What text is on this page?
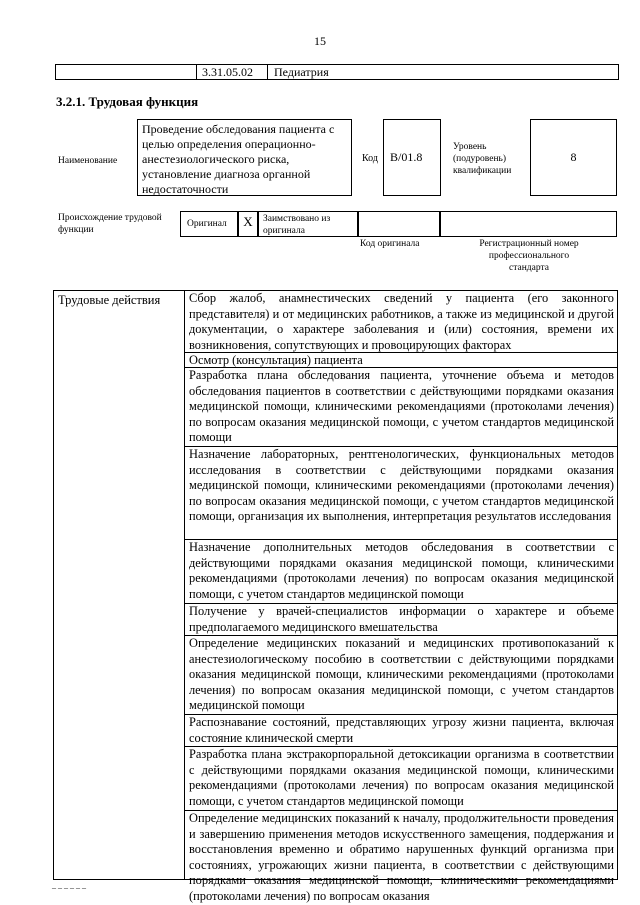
15
3.31.05.02	Педиатрия
3.2.1. Трудовая функция
Наименование
Проведение обследования пациента с целью определения операционно-анестезиологического риска, установление диагноза органной недостаточности
Код	В/01.8
Уровень (подуровень) квалификации
8
Происхождение трудовой функции
Оригинал	X	Заимствовано из оригинала
Код оригинала	Регистрационный номер профессионального стандарта
Трудовые действия	Сбор жалоб, анамнестических сведений у пациента (его законного представителя) и от медицинских работников, а также из медицинской и другой документации, о характере заболевания и (или) состояния, времени их возникновения, сопутствующих и провоцирующих факторах
Осмотр (консультация) пациента
Разработка плана обследования пациента, уточнение объема и методов обследования пациентов в соответствии с действующими порядками оказания медицинской помощи, клиническими рекомендациями (протоколами лечения) по вопросам оказания медицинской помощи, с учетом стандартов медицинской помощи
Назначение лабораторных, рентгенологических, функциональных методов исследования в соответствии с действующими порядками оказания медицинской помощи, клиническими рекомендациями (протоколами лечения) по вопросам оказания медицинской помощи, с учетом стандартов медицинской помощи, организация их выполнения, интерпретация результатов исследования
Назначение дополнительных методов обследования в соответствии с действующими порядками оказания медицинской помощи, клиническими рекомендациями (протоколами лечения) по вопросам оказания медицинской помощи, с учетом стандартов медицинской помощи
Получение у врачей-специалистов информации о характере и объеме предполагаемого медицинского вмешательства
Определение медицинских показаний и медицинских противопоказаний к анестезиологическому пособию в соответствии с действующими порядками оказания медицинской помощи, клиническими рекомендациями (протоколами лечения) по вопросам оказания медицинской помощи, с учетом стандартов медицинской помощи
Распознавание состояний, представляющих угрозу жизни пациента, включая состояние клинической смерти
Разработка плана экстракорпоральной детоксикации организма в соответствии с действующими порядками оказания медицинской помощи, клиническими рекомендациями (протоколами лечения) по вопросам оказания медицинской помощи, с учетом стандартов медицинской помощи
Определение медицинских показаний к началу, продолжительности проведения и завершению применения методов искусственного замещения, поддержания и восстановления временно и обратимо нарушенных функций организма при состояниях, угрожающих жизни пациента, в соответствии с действующими порядками оказания медицинской помощи, клиническими рекомендациями (протоколами лечения) по вопросам оказания
_ _ _ _ _ _
